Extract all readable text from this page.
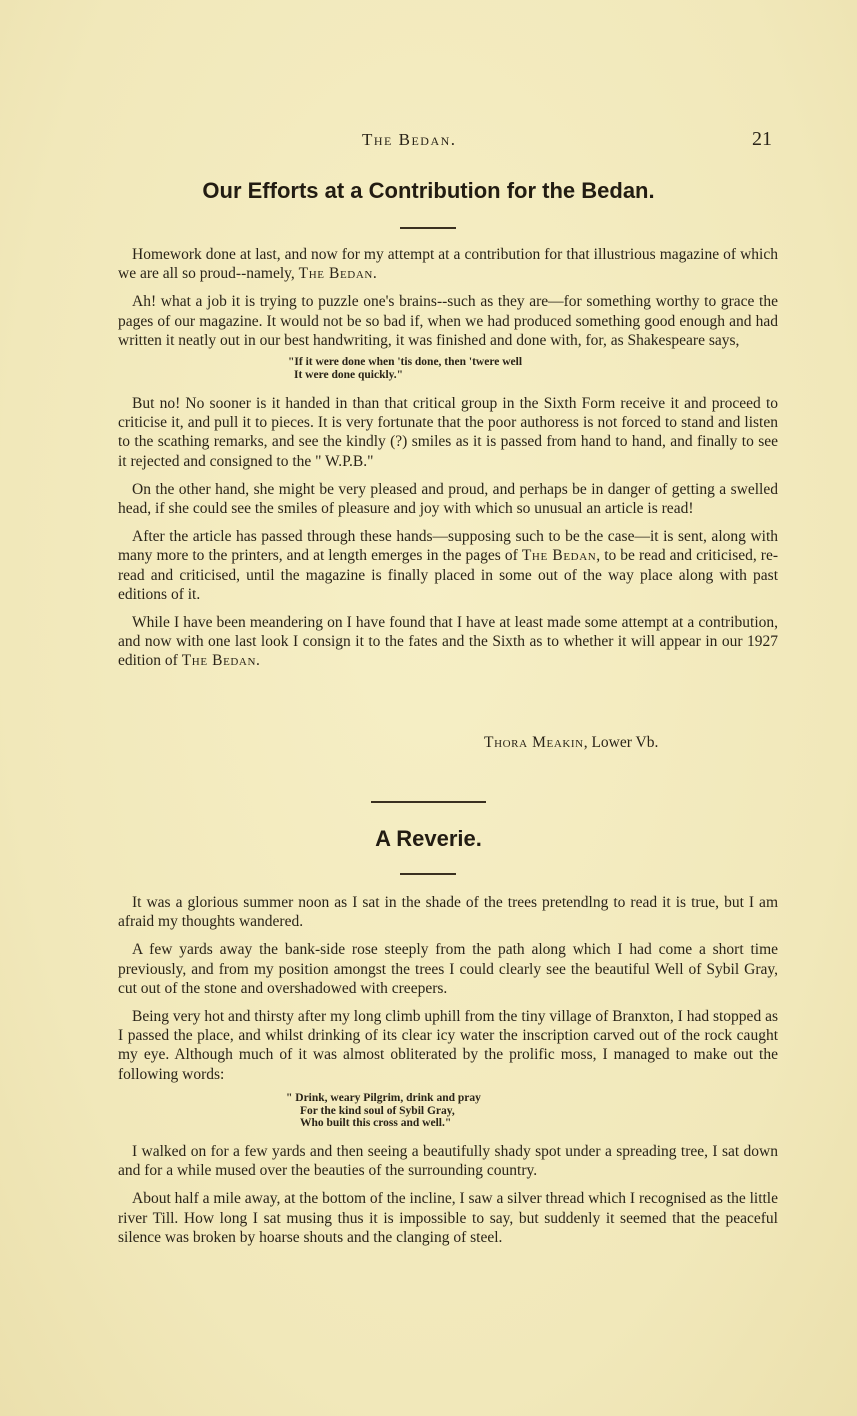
The Bedan.	21
Our Efforts at a Contribution for the Bedan.

Homework done at last, and now for my attempt at a contribution for that illustrious magazine of which we are all so proud--namely, The Bedan.

Ah! what a job it is trying to puzzle one's brains--such as they are—for something worthy to grace the pages of our magazine. It would not be so bad if, when we had produced something good enough and had written it neatly out in our best handwriting, it was finished and done with, for, as Shakespeare says,

"If it were done when 'tis done, then 'twere well
It were done quickly."

But no! No sooner is it handed in than that critical group in the Sixth Form receive it and proceed to criticise it, and pull it to pieces. It is very fortunate that the poor authoress is not forced to stand and listen to the scathing remarks, and see the kindly (?) smiles as it is passed from hand to hand, and finally to see it rejected and consigned to the " W.P.B."

On the other hand, she might be very pleased and proud, and perhaps be in danger of getting a swelled head, if she could see the smiles of pleasure and joy with which so unusual an article is read!

After the article has passed through these hands—supposing such to be the case—it is sent, along with many more to the printers, and at length emerges in the pages of The Bedan, to be read and criticised, re-read and criticised, until the magazine is finally placed in some out of the way place along with past editions of it.

While I have been meandering on I have found that I have at least made some attempt at a contribution, and now with one last look I consign it to the fates and the Sixth as to whether it will appear in our 1927 edition of The Bedan.

Thora Meakin, Lower Vb.
A Reverie.

It was a glorious summer noon as I sat in the shade of the trees pretendlng to read it is true, but I am afraid my thoughts wandered.

A few yards away the bank-side rose steeply from the path along which I had come a short time previously, and from my position amongst the trees I could clearly see the beautiful Well of Sybil Gray, cut out of the stone and overshadowed with creepers.

Being very hot and thirsty after my long climb uphill from the tiny village of Branxton, I had stopped as I passed the place, and whilst drinking of its clear icy water the inscription carved out of the rock caught my eye. Although much of it was almost obliterated by the prolific moss, I managed to make out the following words:

" Drink, weary Pilgrim, drink and pray
For the kind soul of Sybil Gray,
Who built this cross and well."

I walked on for a few yards and then seeing a beautifully shady spot under a spreading tree, I sat down and for a while mused over the beauties of the surrounding country.

About half a mile away, at the bottom of the incline, I saw a silver thread which I recognised as the little river Till. How long I sat musing thus it is impossible to say, but suddenly it seemed that the peaceful silence was broken by hoarse shouts and the clanging of steel.
